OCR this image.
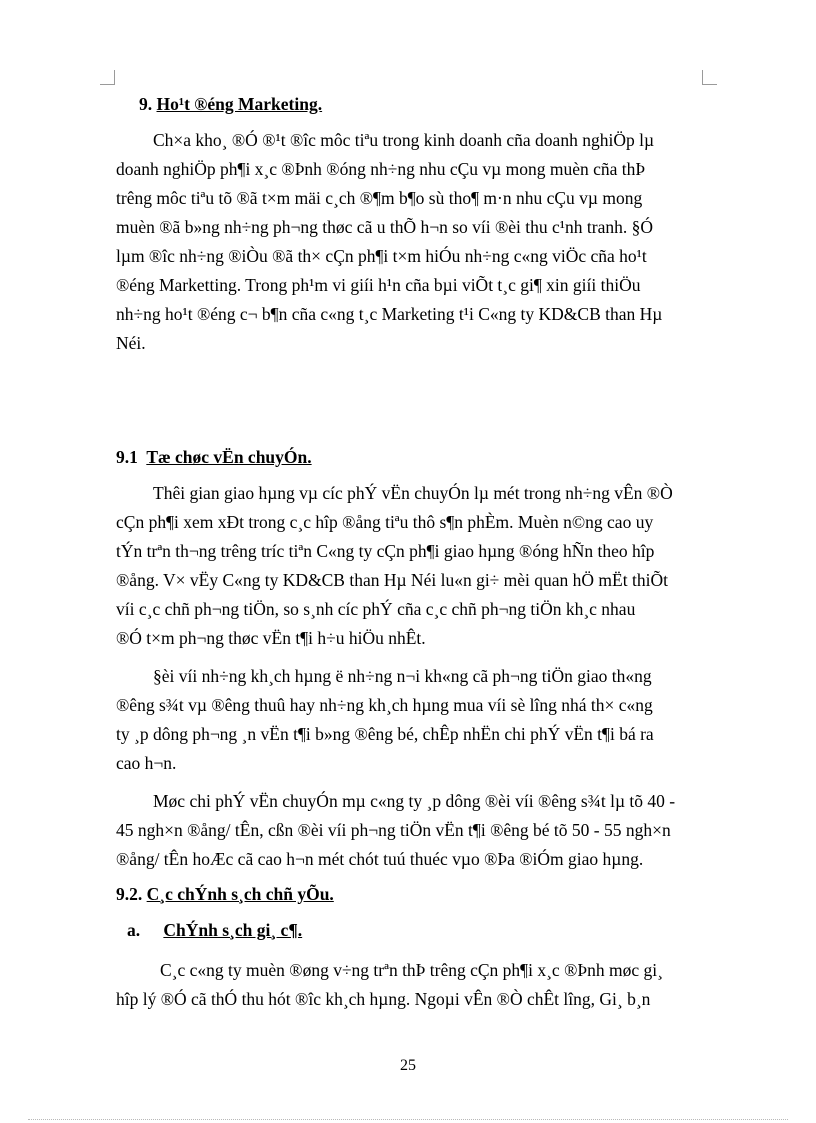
9. Ho¹t ®éng Marketing.
Ch×a kho¸ ®Ó ®¹t ®îc môc tiªu trong kinh doanh cña doanh nghiÖp lµ
doanh nghiÖp ph¶i x¸c ®Þnh ®óng nh÷ng nhu cÇu vµ mong muèn cña thÞ
trêng môc tiªu tõ ®ã t×m mäi c¸ch ®¶m b¶o sù tho¶ m·n nhu cÇu vµ mong
muèn ®ã b»ng nh÷ng ph¬ng thøc cã u thÕ h¬n so víi ®èi thu c¹nh tranh. §Ó
lµm ®îc nh÷ng ®iÒu ®ã th× cÇn ph¶i t×m hiÓu nh÷ng c«ng viÖc cña ho¹t
®éng Marketting. Trong ph¹m vi giíi h¹n cña bµi viÕt t¸c gi¶ xin giíi thiÖu
nh÷ng ho¹t ®éng c¬ b¶n cña c«ng t¸c Marketing t¹i C«ng ty KD&CB than Hµ
Néi.
9.1 Tæ chøc vËn chuyÓn.
Thêi gian giao hµng vµ cíc phÝ vËn chuyÓn lµ mét trong nh÷ng vÊn ®Ò
cÇn ph¶i xem xÐt trong c¸c hîp ®ång tiªu thô s¶n phÈm. Muèn n©ng cao uy
tÝn trªn th¬ng trêng tríc tiªn C«ng ty cÇn ph¶i giao hµng ®óng hÑn theo hîp
®ång. V× vËy C«ng ty KD&CB than Hµ Néi lu«n gi÷ mèi quan hÖ mËt thiÕt
víi c¸c chñ ph¬ng tiÖn, so s¸nh cíc phÝ cña c¸c chñ ph¬ng tiÖn kh¸c nhau
®Ó t×m ph¬ng thøc vËn t¶i h÷u hiÖu nhÊt.
§èi víi nh÷ng kh¸ch hµng ë nh÷ng n¬i kh«ng cã ph¬ng tiÖn giao th«ng
®êng s¾t vµ ®êng thuû hay nh÷ng kh¸ch hµng mua víi sè lîng nhá th× c«ng
ty ¸p dông ph¬ng ¸n vËn t¶i b»ng ®êng bé, chÊp nhËn chi phÝ vËn t¶i bá ra
cao h¬n.
Møc chi phÝ vËn chuyÓn mµ c«ng ty ¸p dông ®èi víi ®êng s¾t lµ tõ 40 -
45 ngh×n ®ång/ tÊn, cßn ®èi víi ph¬ng tiÖn vËn t¶i ®êng bé tõ 50 - 55 ngh×n
®ång/ tÊn hoÆc cã cao h¬n mét chót tuú thuéc vµo ®Þa ®iÓm giao hµng.
9.2. C¸c chÝnh s¸ch chñ yÕu.
a. ChÝnh s¸ch gi¸ c¶.
C¸c c«ng ty muèn ®øng v÷ng trªn thÞ trêng cÇn ph¶i x¸c ®Þnh møc gi¸
hîp lý ®Ó cã thÓ thu hót ®îc kh¸ch hµng. Ngoµi vÊn ®Ò chÊt lîng, Gi¸ b¸n
25
